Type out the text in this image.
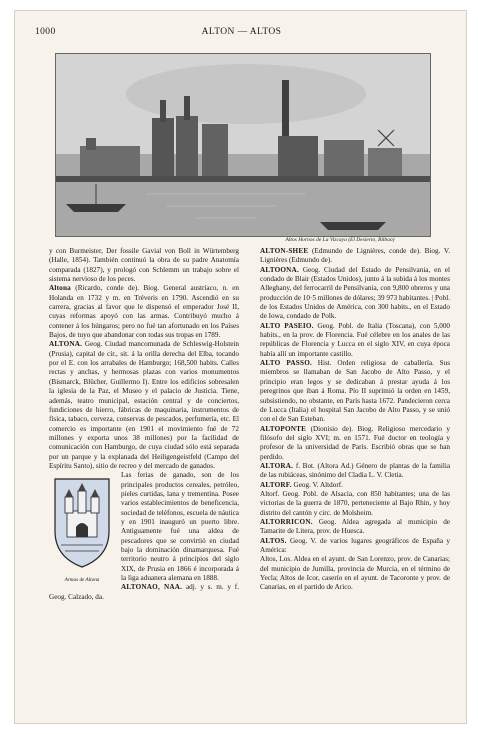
1000	ALTON — ALTOS
Altos Hornos de La Vizcaya (El Desierto, Bilbao)

y con Burmeister, Der fossile Gavial von Boll in Würtemberg (Halle, 1854). También continuó la obra de su padre Anatomía comparada (1827), y prologó con Schlemm un trabajo sobre el sistema nervioso de los peces.

Altona (Ricardo, conde de). Biog. General austríaco, n. en Holanda en 1732 y m. en Tréveris en 1790. Ascendió en su carrera, gracias al favor que le dispensó el emperador José II, cuyas reformas apoyó con las armas. Contribuyó mucho á contener á los húngaros; pero no fué tan afortunado en los Países Bajos, de tuyo que abandonar con todas sus tropas en 1789.

ALTONA. Geog. Ciudad mancomunada de Schleswig-Holstein (Prusia), capital de cír., sit. á la orilla derecha del Elba, tocando por el E. con los arrabales de Hamburgo; 168,500 habits. Calles rectas y anchas, y hermosas plazas con varios monumentos (Bismarck, Blücher, Guillermo I). Entre los edificios sobresalen la iglesia de la Paz, el Museo y el palacio de Justicia. Tiene, además, teatro municipal, estación central y de conciertos, fundiciones de hierro, fábricas de maquinaria, instrumentos de física, tabaco, cerveza, conservas de pescados, perfumería, etc. El comercio es importante (en 1901 el movimiento fué de 72 millones y exporta unos 38 millones) por la facilidad de comunicación con Hamburgo, de cuya ciudad sólo está separada por un parque y la explanada del Heiligengeistfeld (Campo del Espíritu Santo), sitio de recreo y del mercado de ganados.

Armas de Altona

Las ferias de ganado, son de los principales productos cereales, petróleo, pieles curtidas, lana y trementina. Posee varios establecimientos de beneficencia, sociedad de teléfonos, escuela de náutica y en 1901 inauguró un puerto libre. Antiguamente fué una aldea de pescadores que se convirtió en ciudad bajo la dominación dinamarquesa. Fué territorio neutro á principios del siglo XIX, de Prusia en 1866 é incorporada á la liga aduanera alemana en 1888.

ALTONAO, NAA. adj. y s. m. y f. Geog. Calzado, da.

ALTON-SHEE (Edmundo de Lignières, conde de). Biog. V. Lignières (Edmundo de).

ALTOONA. Geog. Ciudad del Estado de Pensilvania, en el condado de Blair (Estados Unidos), junto á la subida á los montes Alleghany, del ferrocarril de Pensilvania, con 9,800 obreros y una producción de 10·5 millones de dólares; 39 973 habitantes. | Pobl. de los Estados Unidos de América, con 300 habits., en el Estado de Iowa, condado de Polk.

ALTO PASEIO. Geog. Pobl. de Italia (Toscana), con 5,000 habits., en la prov. de Florencia. Fué célebre en los anales de las repúblicas de Florencia y Lucca en el siglo XIV, en cuya época había allí un importante castillo.

ALTO PASSO. Hist. Orden religiosa de caballería. Sus miembros se llamaban de San Jacobo de Alto Passo, y el principio eran legos y se dedicaban á prestar ayuda á los peregrinos que iban á Roma. Pío II suprimió la orden en 1459, subsistiendo, no obstante, en París hasta 1672. Pandecieron cerca de Lucca (Italia) el hospital San Jacobo de Alto Passo, y se unió con el de San Esteban.

ALTOPONTE (Dionisio de). Biog. Religioso mercedario y filósofo del siglo XVI; m. en 1571. Fué doctor en teología y profesor de la universidad de París. Escribió obras que se han perdido.

ALTORA. f. Bot. (Altora Ad.) Género de plantas de la familia de las rubiáceas, sinónimo del Cladia L. V. Cletia.

ALTORF. Geog. V. Altdorf.

Altorf. Geog. Pobl. de Alsacia, con 850 habitantes; una de las victorias de la guerra de 1870, perteneciente al Bajo Rhin, y hoy distrito del cantón y circ. de Molsheim.

ALTORRICON. Geog. Aldea agregada al municipio de Tamarite de Litera, prov. de Huesca.

ALTOS. Geog. V. de varios lugares geográficos de España y América:

Altos, Los. Aldea en el ayunt. de San Lorenzo, prov. de Canarias; del municipio de Jumilla, provincia de Murcia, en el término de Yecla; Altos de Icor, caserío en el ayunt. de Tacoronte y prov. de Canarias, en el partido de Arico.
